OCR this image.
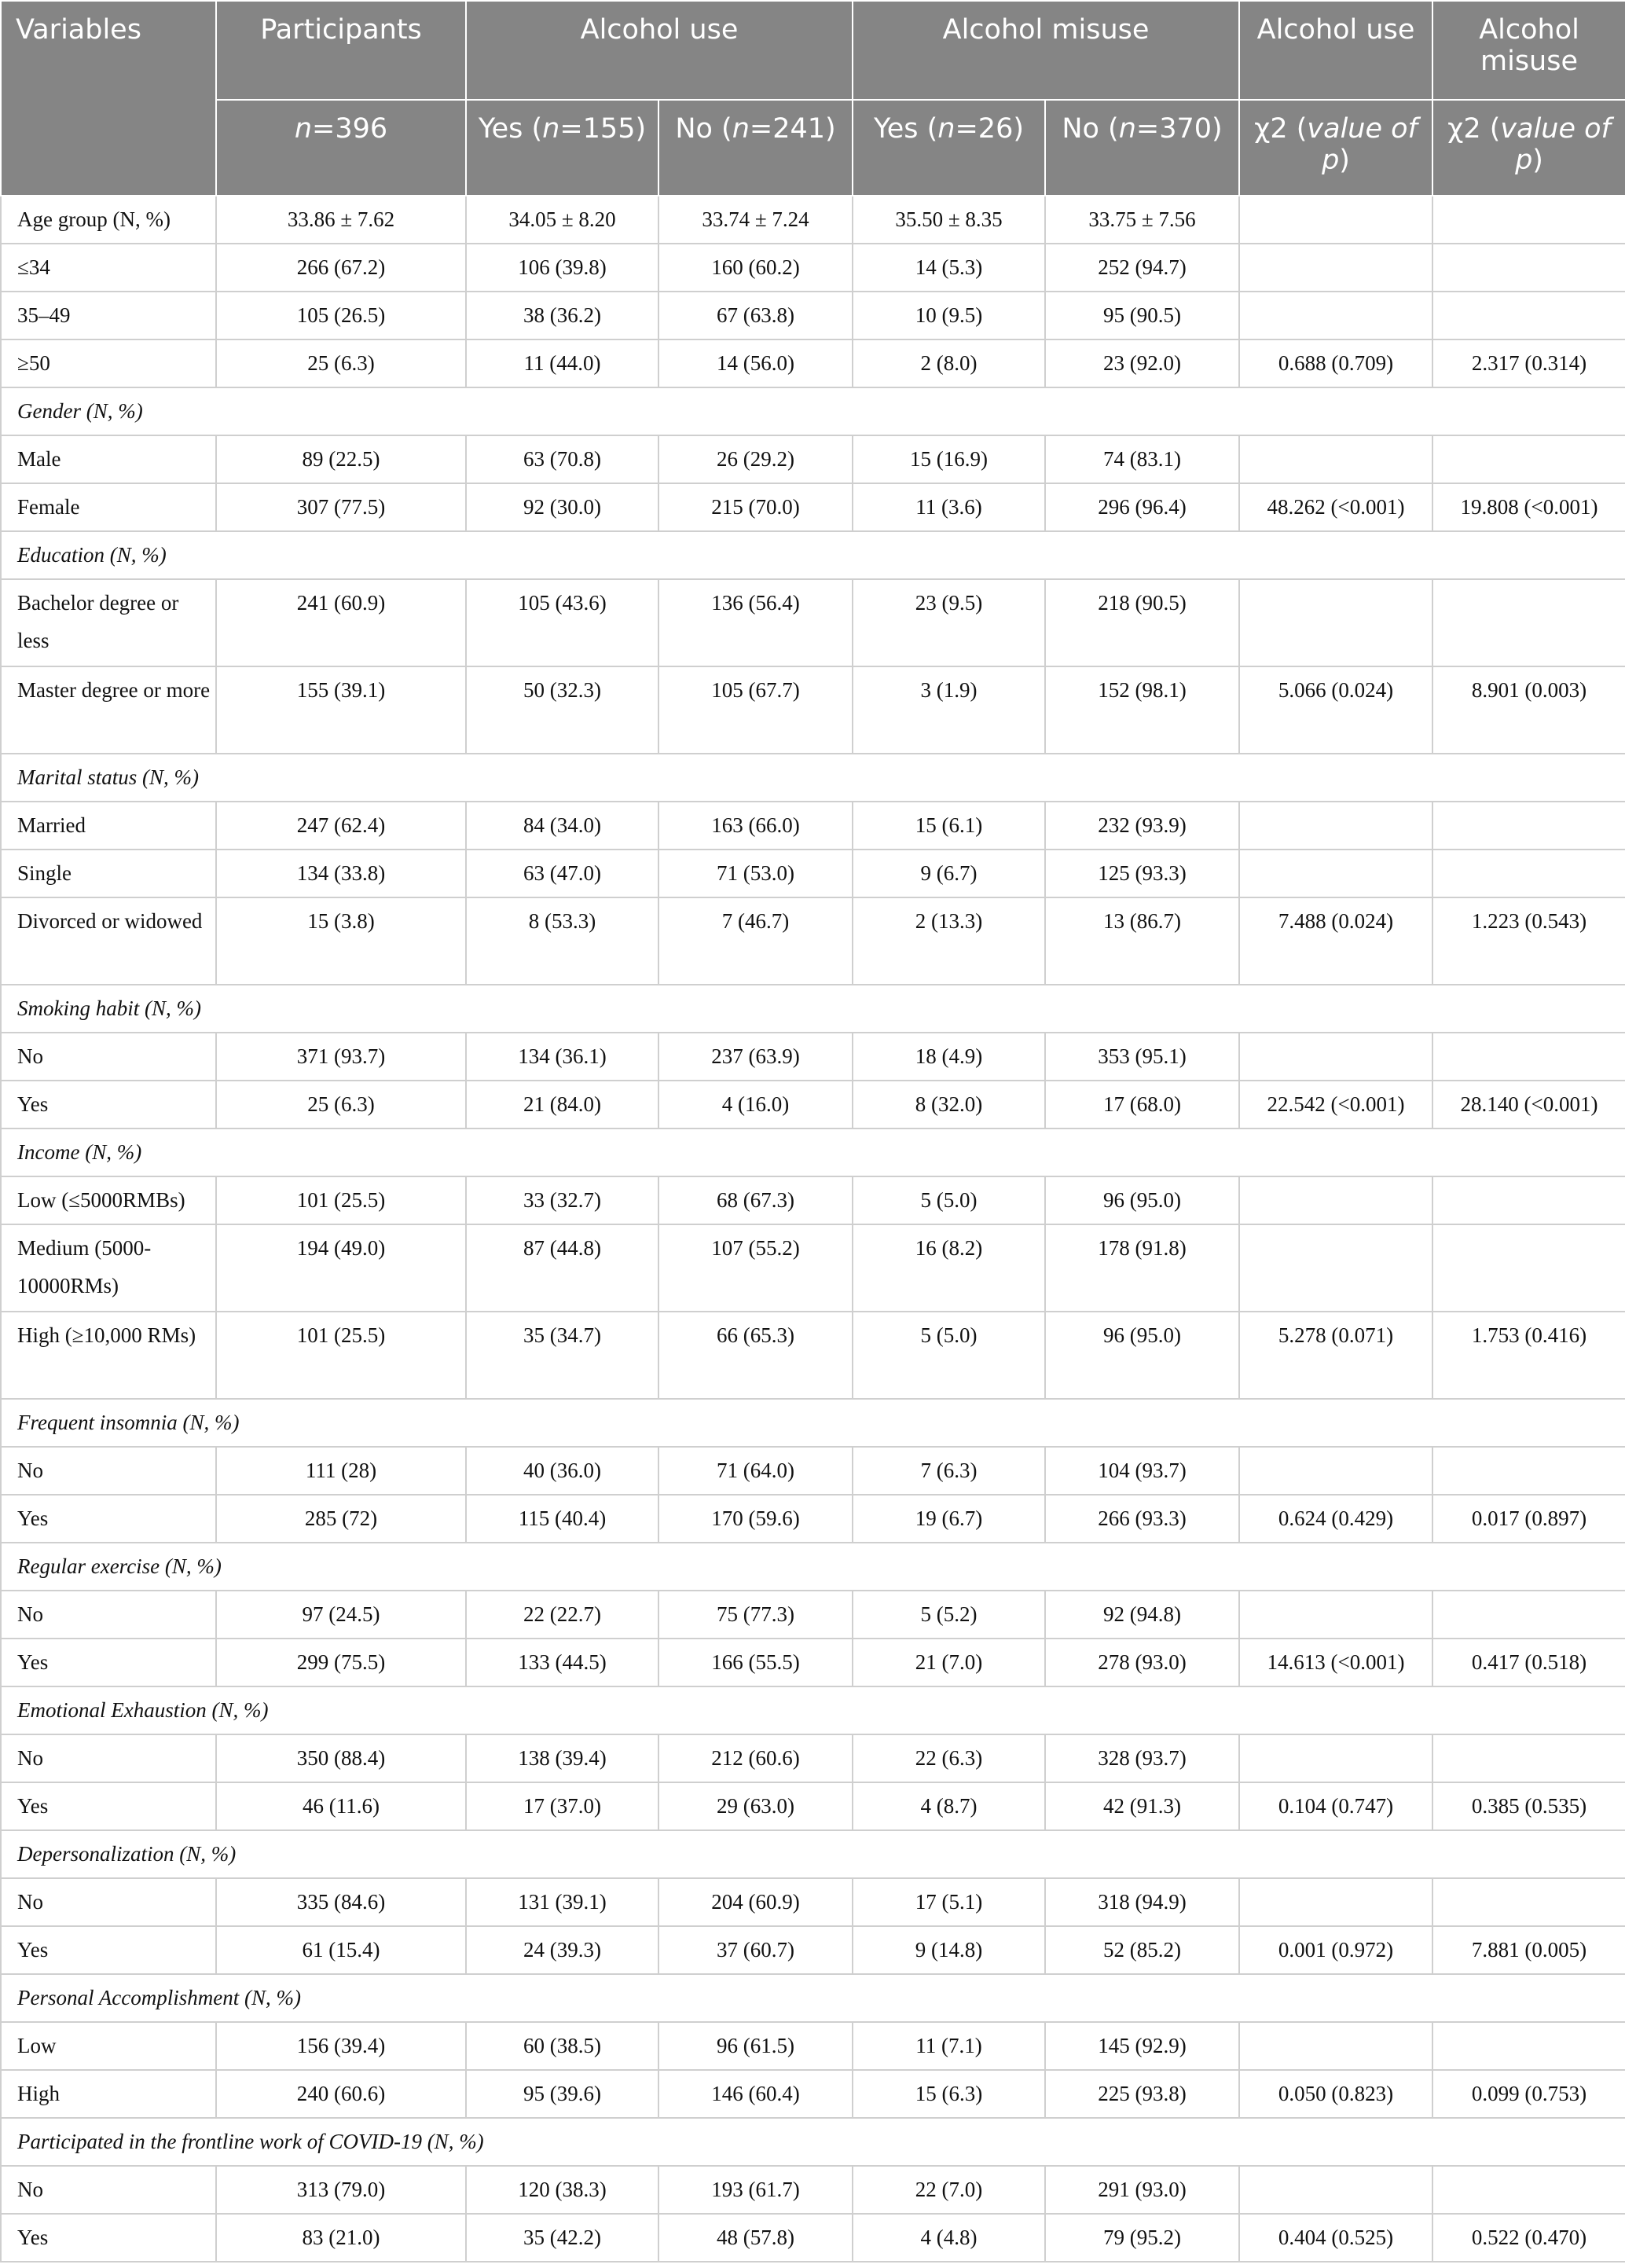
Variables	Participants	Alcohol use		Alcohol misuse		Alcohol use	Alcohol misuse
	n=396	Yes (n=155)	No (n=241)	Yes (n=26)	No (n=370)	χ2 (value of p)	χ2 (value of p)
Age group (N, %)	33.86 ± 7.62	34.05 ± 8.20	33.74 ± 7.24	35.50 ± 8.35	33.75 ± 7.56		
≤34	266 (67.2)	106 (39.8)	160 (60.2)	14 (5.3)	252 (94.7)		
35–49	105 (26.5)	38 (36.2)	67 (63.8)	10 (9.5)	95 (90.5)		
≥50	25 (6.3)	11 (44.0)	14 (56.0)	2 (8.0)	23 (92.0)	0.688 (0.709)	2.317 (0.314)
Gender (N, %)							
Male	89 (22.5)	63 (70.8)	26 (29.2)	15 (16.9)	74 (83.1)		
Female	307 (77.5)	92 (30.0)	215 (70.0)	11 (3.6)	296 (96.4)	48.262 (<0.001)	19.808 (<0.001)
Education (N, %)							
Bachelor degree or less	241 (60.9)	105 (43.6)	136 (56.4)	23 (9.5)	218 (90.5)		
Master degree or more	155 (39.1)	50 (32.3)	105 (67.7)	3 (1.9)	152 (98.1)	5.066 (0.024)	8.901 (0.003)
Marital status (N, %)							
Married	247 (62.4)	84 (34.0)	163 (66.0)	15 (6.1)	232 (93.9)		
Single	134 (33.8)	63 (47.0)	71 (53.0)	9 (6.7)	125 (93.3)		
Divorced or widowed	15 (3.8)	8 (53.3)	7 (46.7)	2 (13.3)	13 (86.7)	7.488 (0.024)	1.223 (0.543)
Smoking habit (N, %)							
No	371 (93.7)	134 (36.1)	237 (63.9)	18 (4.9)	353 (95.1)		
Yes	25 (6.3)	21 (84.0)	4 (16.0)	8 (32.0)	17 (68.0)	22.542 (<0.001)	28.140 (<0.001)
Income (N, %)							
Low (≤5000RMBs)	101 (25.5)	33 (32.7)	68 (67.3)	5 (5.0)	96 (95.0)		
Medium (5000-10000RMs)	194 (49.0)	87 (44.8)	107 (55.2)	16 (8.2)	178 (91.8)		
High (≥10,000 RMs)	101 (25.5)	35 (34.7)	66 (65.3)	5 (5.0)	96 (95.0)	5.278 (0.071)	1.753 (0.416)
Frequent insomnia (N, %)							
No	111 (28)	40 (36.0)	71 (64.0)	7 (6.3)	104 (93.7)		
Yes	285 (72)	115 (40.4)	170 (59.6)	19 (6.7)	266 (93.3)	0.624 (0.429)	0.017 (0.897)
Regular exercise (N, %)							
No	97 (24.5)	22 (22.7)	75 (77.3)	5 (5.2)	92 (94.8)		
Yes	299 (75.5)	133 (44.5)	166 (55.5)	21 (7.0)	278 (93.0)	14.613 (<0.001)	0.417 (0.518)
Emotional Exhaustion (N, %)							
No	350 (88.4)	138 (39.4)	212 (60.6)	22 (6.3)	328 (93.7)		
Yes	46 (11.6)	17 (37.0)	29 (63.0)	4 (8.7)	42 (91.3)	0.104 (0.747)	0.385 (0.535)
Depersonalization (N, %)							
No	335 (84.6)	131 (39.1)	204 (60.9)	17 (5.1)	318 (94.9)		
Yes	61 (15.4)	24 (39.3)	37 (60.7)	9 (14.8)	52 (85.2)	0.001 (0.972)	7.881 (0.005)
Personal Accomplishment (N, %)							
Low	156 (39.4)	60 (38.5)	96 (61.5)	11 (7.1)	145 (92.9)		
High	240 (60.6)	95 (39.6)	146 (60.4)	15 (6.3)	225 (93.8)	0.050 (0.823)	0.099 (0.753)
Participated in the frontline work of COVID-19 (N, %)							
No	313 (79.0)	120 (38.3)	193 (61.7)	22 (7.0)	291 (93.0)		
Yes	83 (21.0)	35 (42.2)	48 (57.8)	4 (4.8)	79 (95.2)	0.404 (0.525)	0.522 (0.470)
